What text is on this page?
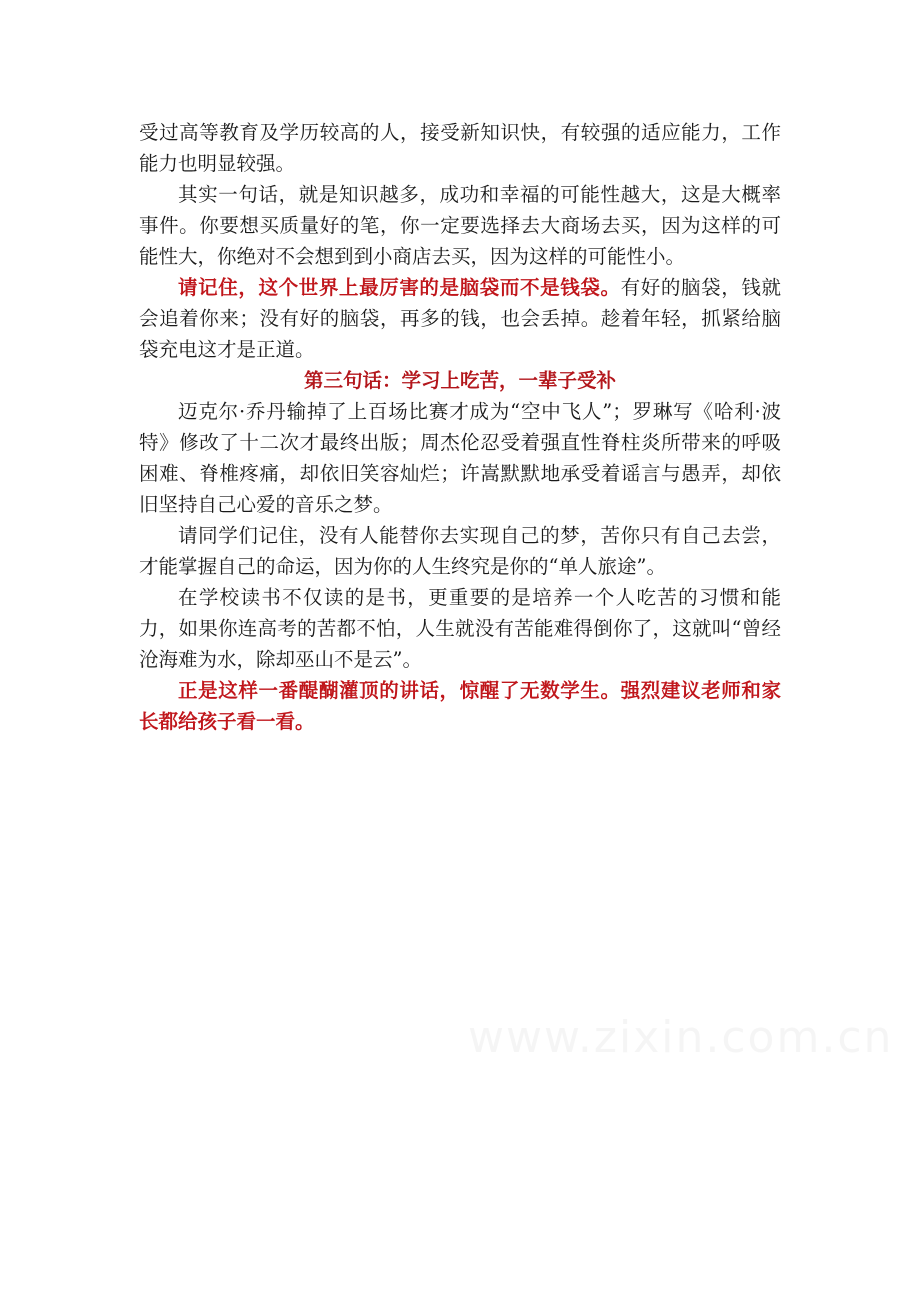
受过高等教育及学历较高的人，接受新知识快，有较强的适应能力，工作能力也明显较强。

其实一句话，就是知识越多，成功和幸福的可能性越大，这是大概率事件。你要想买质量好的笔，你一定要选择去大商场去买，因为这样的可能性大，你绝对不会想到到小商店去买，因为这样的可能性小。

请记住，这个世界上最厉害的是脑袋而不是钱袋。有好的脑袋，钱就会追着你来；没有好的脑袋，再多的钱，也会丢掉。趁着年轻，抓紧给脑袋充电这才是正道。

第三句话：学习上吃苦，一辈子受补

迈克尔·乔丹输掉了上百场比赛才成为“空中飞人”；罗琳写《哈利·波特》修改了十二次才最终出版；周杰伦忍受着强直性脊柱炎所带来的呼吸困难、脊椎疼痛，却依旧笑容灿烂；许嵩默默地承受着谣言与愚弄，却依旧坚持自己心爱的音乐之梦。

请同学们记住，没有人能替你去实现自己的梦，苦你只有自己去尝，才能掌握自己的命运，因为你的人生终究是你的“单人旅途”。

在学校读书不仅读的是书，更重要的是培养一个人吃苦的习惯和能力，如果你连高考的苦都不怕，人生就没有苦能难得倒你了，这就叫“曾经沧海难为水，除却巫山不是云”。

正是这样一番醍醐灌顶的讲话，惊醒了无数学生。强烈建议老师和家长都给孩子看一看。

www.zixin.com.cn
